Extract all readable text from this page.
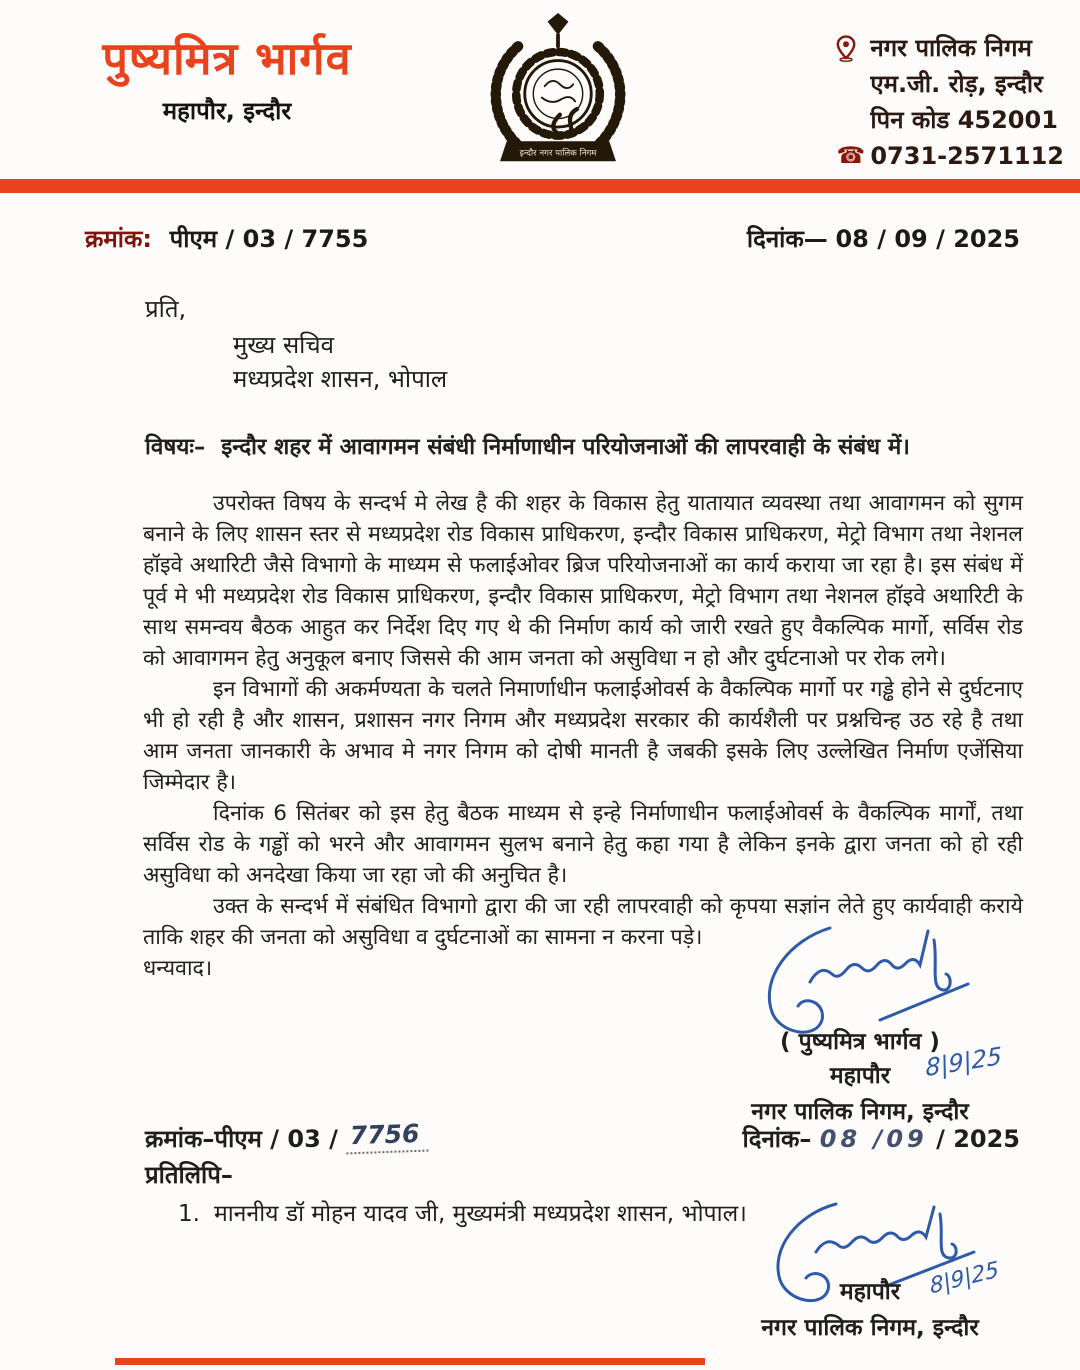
पुष्यमित्र भार्गव
महापौर, इन्दौर
इन्दौर नगर पालिक निगम
नगर पालिक निगम
एम.जी. रोड़, इन्दौर
पिन कोड 452001
☎ 0731-2571112
क्रमांक: पीएम / 03 / 7755	दिनांक— 08 / 09 / 2025
प्रति,
मुख्य सचिव
मध्यप्रदेश शासन, भोपाल
विषयः– इन्दौर शहर में आवागमन संबंधी निर्माणाधीन परियोजनाओं की लापरवाही के संबंध में।

उपरोक्त विषय के सन्दर्भ मे लेख है की शहर के विकास हेतु यातायात व्यवस्था तथा आवागमन को सुगम बनाने के लिए शासन स्तर से मध्यप्रदेश रोड विकास प्राधिकरण, इन्दौर विकास प्राधिकरण, मेट्रो विभाग तथा नेशनल हॉइवे अथारिटी जैसे विभागो के माध्यम से फलाईओवर ब्रिज परियोजनाओं का कार्य कराया जा रहा है। इस संबंध में पूर्व मे भी मध्यप्रदेश रोड विकास प्राधिकरण, इन्दौर विकास प्राधिकरण, मेट्रो विभाग तथा नेशनल हॉइवे अथारिटी के साथ समन्वय बैठक आहुत कर निर्देश दिए गए थे की निर्माण कार्य को जारी रखते हुए वैकल्पिक मार्गो, सर्विस रोड को आवागमन हेतु अनुकूल बनाए जिससे की आम जनता को असुविधा न हो और दुर्घटनाओ पर रोक लगे।

इन विभागों की अकर्मण्यता के चलते निमार्णाधीन फलाईओवर्स के वैकल्पिक मार्गो पर गड्ढे होने से दुर्घटनाए भी हो रही है और शासन, प्रशासन नगर निगम और मध्यप्रदेश सरकार की कार्यशैली पर प्रश्नचिन्ह उठ रहे है तथा आम जनता जानकारी के अभाव मे नगर निगम को दोषी मानती है जबकी इसके लिए उल्लेखित निर्माण एजेंसिया जिम्मेदार है।

दिनांक 6 सितंबर को इस हेतु बैठक माध्यम से इन्हे निर्माणाधीन फलाईओवर्स के वैकल्पिक मार्गों, तथा सर्विस रोड के गड्ढों को भरने और आवागमन सुलभ बनाने हेतु कहा गया है लेकिन इनके द्वारा जनता को हो रही असुविधा को अनदेखा किया जा रहा जो की अनुचित है।

उक्त के सन्दर्भ में संबंधित विभागो द्वारा की जा रही लापरवाही को कृपया सज्ञांन लेते हुए कार्यवाही कराये ताकि शहर की जनता को असुविधा व दुर्घटनाओं का सामना न करना पड़े।

धन्यवाद।

( पुष्यमित्र भार्गव )
महापौर	8|9|25
नगर पालिक निगम, इन्दौर
क्रमांक–पीएम / 03 / 7756	दिनांक– 08 /09 / 2025
प्रतिलिपि–
1. माननीय डॉ मोहन यादव जी, मुख्यमंत्री मध्यप्रदेश शासन, भोपाल।
महापौर	8|9|25
नगर पालिक निगम, इन्दौर
